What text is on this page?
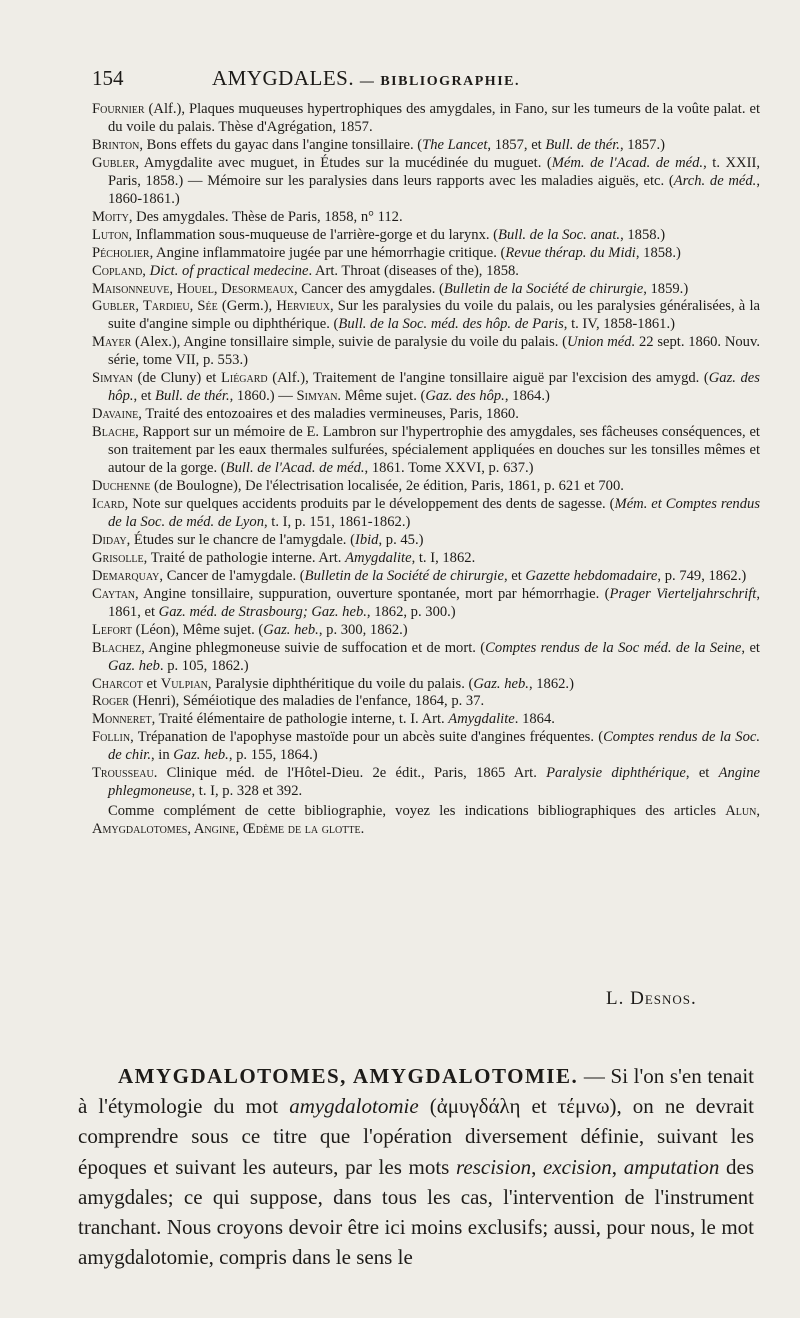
154	AMYGDALES. — BIBLIOGRAPHIE.
Fournier (Alf.), Plaques muqueuses hypertrophiques des amygdales, in Fano, sur les tumeurs de la voûte palat. et du voile du palais. Thèse d'Agrégation, 1857.
Brinton, Bons effets du gayac dans l'angine tonsillaire. (The Lancet, 1857, et Bull. de thér., 1857.)
Gubler, Amygdalite avec muguet, in Études sur la mucédinée du muguet. (Mém. de l'Acad. de méd., t. XXII, Paris, 1858.) — Mémoire sur les paralysies dans leurs rapports avec les maladies aiguës, etc. (Arch. de méd., 1860-1861.)
Moity, Des amygdales. Thèse de Paris, 1858, n° 112.
Luton, Inflammation sous-muqueuse de l'arrière-gorge et du larynx. (Bull. de la Soc. anat., 1858.)
Pécholier, Angine inflammatoire jugée par une hémorrhagie critique. (Revue thérap. du Midi, 1858.)
Copland, Dict. of practical medecine. Art. Throat (diseases of the), 1858.
Maisonneuve, Houel, Desormeaux, Cancer des amygdales. (Bulletin de la Société de chirurgie, 1859.)
Gubler, Tardieu, Sée (Germ.), Hervieux, Sur les paralysies du voile du palais, ou les paralysies généralisées, à la suite d'angine simple ou diphthérique. (Bull. de la Soc. méd. des hôp. de Paris, t. IV, 1858-1861.)
Mayer (Alex.), Angine tonsillaire simple, suivie de paralysie du voile du palais. (Union méd. 22 sept. 1860. Nouv. série, tome VII, p. 553.)
Simyan (de Cluny) et Liégard (Alf.), Traitement de l'angine tonsillaire aiguë par l'excision des amygd. (Gaz. des hôp., et Bull. de thér., 1860.) — Simyan. Même sujet. (Gaz. des hôp., 1864.)
Davaine, Traité des entozoaires et des maladies vermineuses, Paris, 1860.
Blache, Rapport sur un mémoire de E. Lambron sur l'hypertrophie des amygdales, ses fâcheuses conséquences, et son traitement par les eaux thermales sulfurées, spécialement appliquées en douches sur les tonsilles mêmes et autour de la gorge. (Bull. de l'Acad. de méd., 1861. Tome XXVI, p. 637.)
Duchenne (de Boulogne), De l'électrisation localisée, 2e édition, Paris, 1861, p. 621 et 700.
Icard, Note sur quelques accidents produits par le développement des dents de sagesse. (Mém. et Comptes rendus de la Soc. de méd. de Lyon, t. I, p. 151, 1861-1862.)
Diday, Études sur le chancre de l'amygdale. (Ibid, p. 45.)
Grisolle, Traité de pathologie interne. Art. Amygdalite, t. I, 1862.
Demarquay, Cancer de l'amygdale. (Bulletin de la Société de chirurgie, et Gazette hebdomadaire, p. 749, 1862.)
Caytan, Angine tonsillaire, suppuration, ouverture spontanée, mort par hémorrhagie. (Prager Vierteljahrschrift, 1861, et Gaz. méd. de Strasbourg; Gaz. heb., 1862, p. 300.)
Lefort (Léon), Même sujet. (Gaz. heb., p. 300, 1862.)
Blachez, Angine phlegmoneuse suivie de suffocation et de mort. (Comptes rendus de la Soc méd. de la Seine, et Gaz. heb. p. 105, 1862.)
Charcot et Vulpian, Paralysie diphthéritique du voile du palais. (Gaz. heb., 1862.)
Roger (Henri), Séméiotique des maladies de l'enfance, 1864, p. 37.
Monneret, Traité élémentaire de pathologie interne, t. I. Art. Amygdalite. 1864.
Follin, Trépanation de l'apophyse mastoïde pour un abcès suite d'angines fréquentes. (Comptes rendus de la Soc. de chir., in Gaz. heb., p. 155, 1864.)
Trousseau. Clinique méd. de l'Hôtel-Dieu. 2e édit., Paris, 1865 Art. Paralysie diphthérique, et Angine phlegmoneuse, t. I, p. 328 et 392.
Comme complément de cette bibliographie, voyez les indications bibliographiques des articles Alun, Amygdalotomes, Angine, Œdème de la glotte.
L. Desnos.
AMYGDALOTOMES, AMYGDALOTOMIE. — Si l'on s'en tenait à l'étymologie du mot amygdalotomie (ἀμυγδάλη et τέμνω), on ne devrait comprendre sous ce titre que l'opération diversement définie, suivant les époques et suivant les auteurs, par les mots rescision, excision, amputation des amygdales; ce qui suppose, dans tous les cas, l'intervention de l'instrument tranchant. Nous croyons devoir être ici moins exclusifs; aussi, pour nous, le mot amygdalotomie, compris dans le sens le
